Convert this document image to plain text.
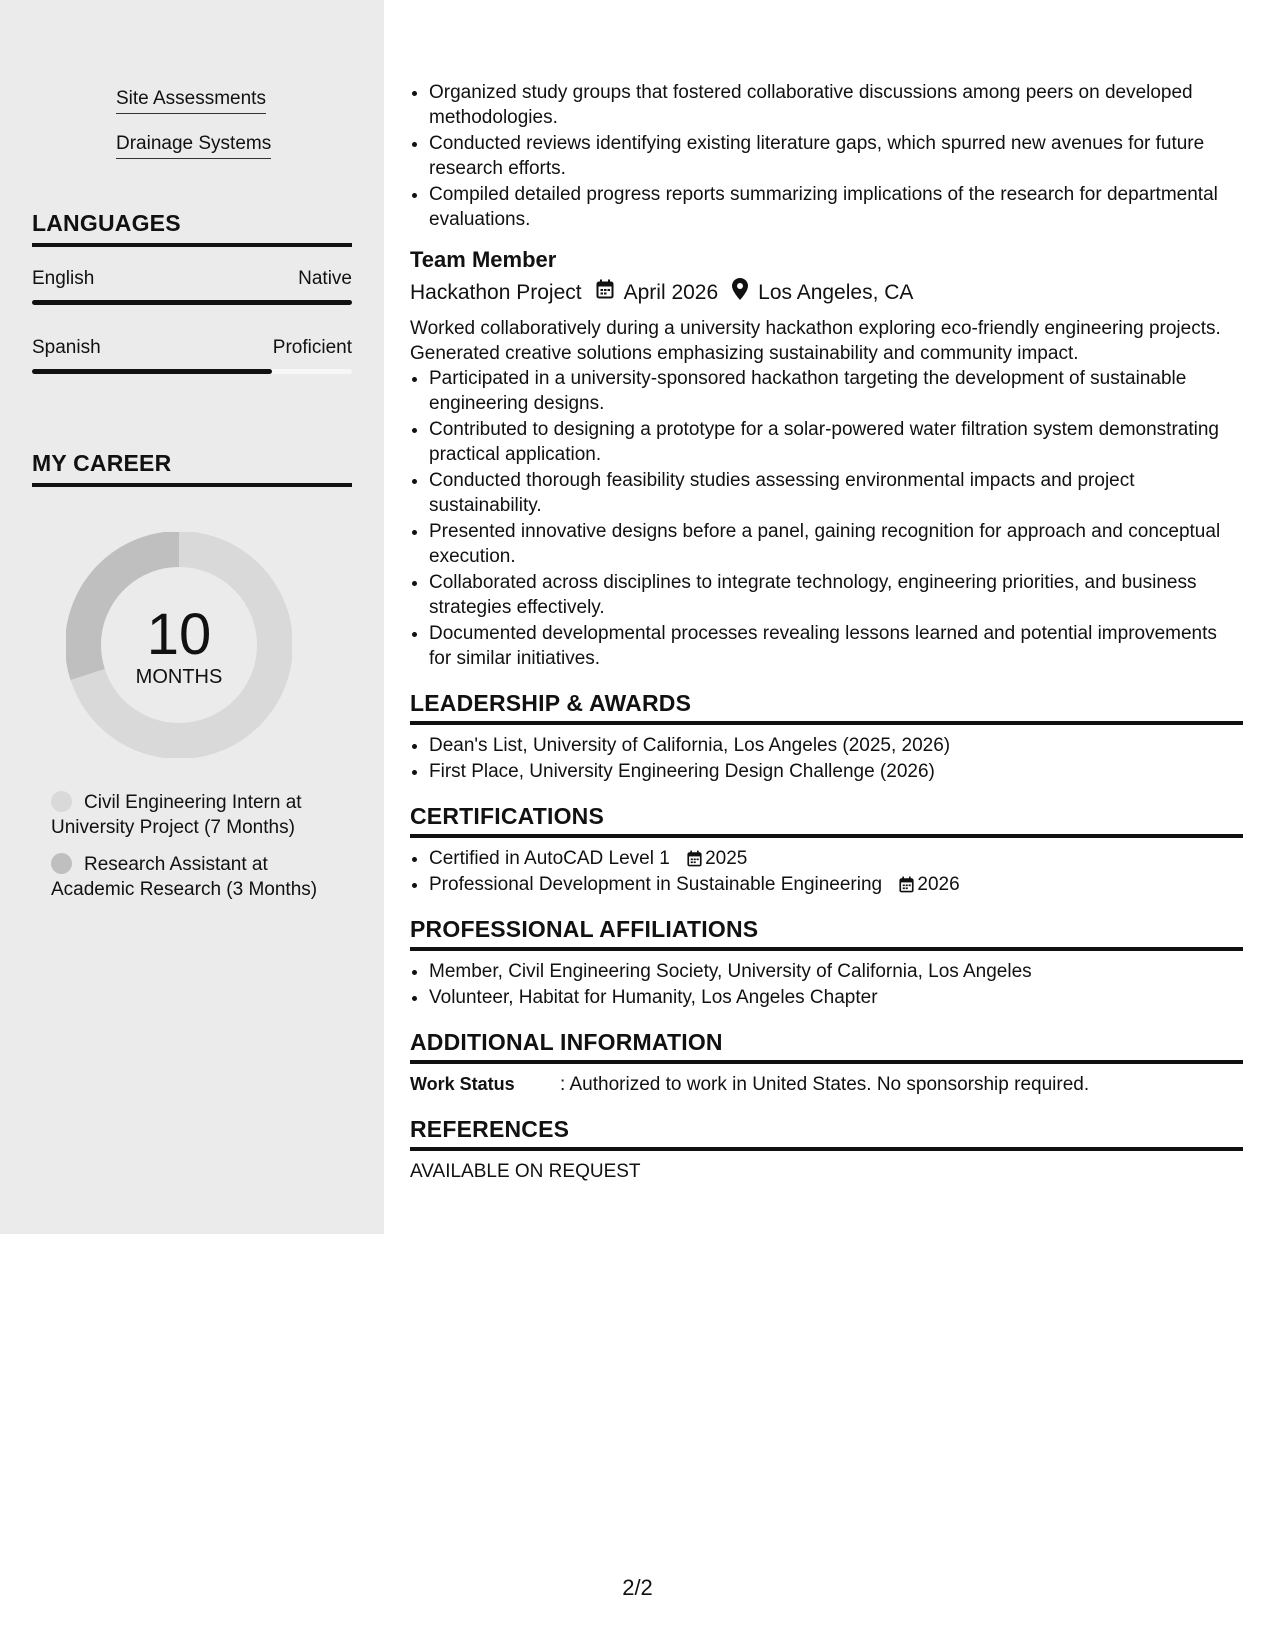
Site Assessments
Drainage Systems
LANGUAGES
English	Native
Spanish	Proficient
MY CAREER
10
MONTHS
Civil Engineering Intern at University Project (7 Months)
Research Assistant at Academic Research (3 Months)
• Organized study groups that fostered collaborative discussions among peers on developed methodologies.
• Conducted reviews identifying existing literature gaps, which spurred new avenues for future research efforts.
• Compiled detailed progress reports summarizing implications of the research for departmental evaluations.
Team Member
Hackathon Project April 2026 Los Angeles, CA
Worked collaboratively during a university hackathon exploring eco-friendly engineering projects. Generated creative solutions emphasizing sustainability and community impact.
• Participated in a university-sponsored hackathon targeting the development of sustainable engineering designs.
• Contributed to designing a prototype for a solar-powered water filtration system demonstrating practical application.
• Conducted thorough feasibility studies assessing environmental impacts and project sustainability.
• Presented innovative designs before a panel, gaining recognition for approach and conceptual execution.
• Collaborated across disciplines to integrate technology, engineering priorities, and business strategies effectively.
• Documented developmental processes revealing lessons learned and potential improvements for similar initiatives.
LEADERSHIP & AWARDS
• Dean's List, University of California, Los Angeles (2025, 2026)
• First Place, University Engineering Design Challenge (2026)
CERTIFICATIONS
• Certified in AutoCAD Level 1 2025
• Professional Development in Sustainable Engineering 2026
PROFESSIONAL AFFILIATIONS
• Member, Civil Engineering Society, University of California, Los Angeles
• Volunteer, Habitat for Humanity, Los Angeles Chapter
ADDITIONAL INFORMATION
Work Status	: Authorized to work in United States. No sponsorship required.
REFERENCES
AVAILABLE ON REQUEST
2/2
